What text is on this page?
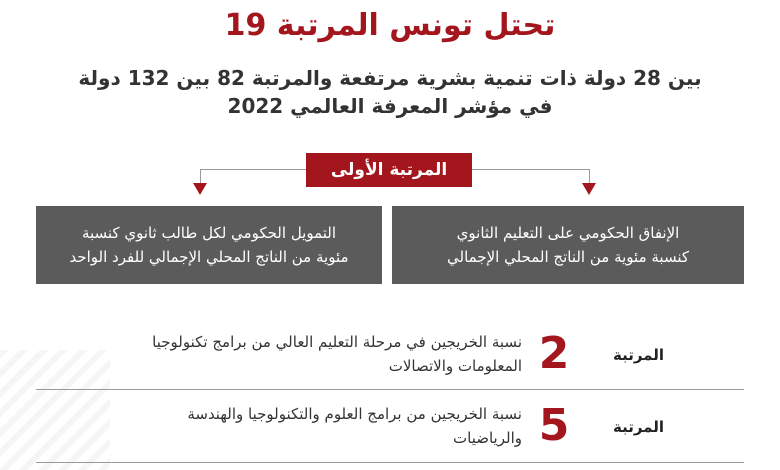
تحتل تونس المرتبة 19
بين 28 دولة ذات تنمية بشرية مرتفعة والمرتبة 82 بين 132 دولة
في مؤشر المعرفة العالمي 2022
المرتبة الأولى
الإنفاق الحكومي على التعليم الثانوي
كنسبة مئوية من الناتج المحلي الإجمالي
التمويل الحكومي لكل طالب ثانوي كنسبة
مئوية من الناتج المحلي الإجمالي للفرد الواحد
المرتبة
2
نسبة الخريجين في مرحلة التعليم العالي من برامج تكنولوجيا
المعلومات والاتصالات
المرتبة
5
نسبة الخريجين من برامج العلوم والتكنولوجيا والهندسة
والرياضيات
